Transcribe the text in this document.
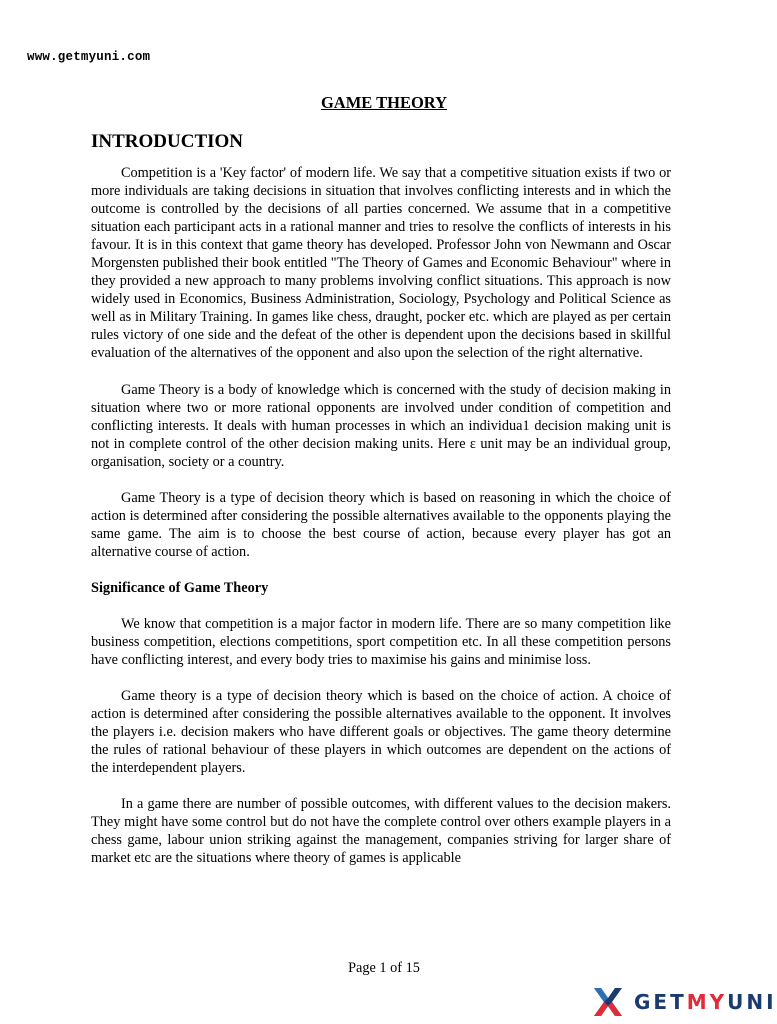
www.getmyuni.com
GAME THEORY
INTRODUCTION

Competition is a 'Key factor' of modern life. We say that a competitive situation exists if two or more individuals are taking decisions in situation that involves conflicting interests and in which the outcome is controlled by the decisions of all parties concerned. We assume that in a competitive situation each participant acts in a rational manner and tries to resolve the conflicts of interests in his favour. It is in this context that game theory has developed. Professor John von Newmann and Oscar Morgensten published their book entitled "The Theory of Games and Economic Behaviour" where in they provided a new approach to many problems involving conflict situations. This approach is now widely used in Economics, Business Administration, Sociology, Psychology and Political Science as well as in Military Training. In games like chess, draught, pocker etc. which are played as per certain rules victory of one side and the defeat of the other is dependent upon the decisions based in skillful evaluation of the alternatives of the opponent and also upon the selection of the right alternative.

Game Theory is a body of knowledge which is concerned with the study of decision making in situation where two or more rational opponents are involved under condition of competition and conflicting interests. It deals with human processes in which an individua1 decision making unit is not in complete control of the other decision making units. Here ε unit may be an individual group, organisation, society or a country.

Game Theory is a type of decision theory which is based on reasoning in which the choice of action is determined after considering the possible alternatives available to the opponents playing the same game. The aim is to choose the best course of action, because every player has got an alternative course of action.

Significance of Game Theory

We know that competition is a major factor in modern life. There are so many competition like business competition, elections competitions, sport competition etc. In all these competition persons have conflicting interest, and every body tries to maximise his gains and minimise loss.

Game theory is a type of decision theory which is based on the choice of action. A choice of action is determined after considering the possible alternatives available to the opponent. It involves the players i.e. decision makers who have different goals or objectives. The game theory determine the rules of rational behaviour of these players in which outcomes are dependent on the actions of the interdependent players.

In a game there are number of possible outcomes, with different values to the decision makers. They might have some control but do not have the complete control over others example players in a chess game, labour union striking against the management, companies striving for larger share of market etc are the situations where theory of games is applicable

Page 1 of 15
GETMYUNI
